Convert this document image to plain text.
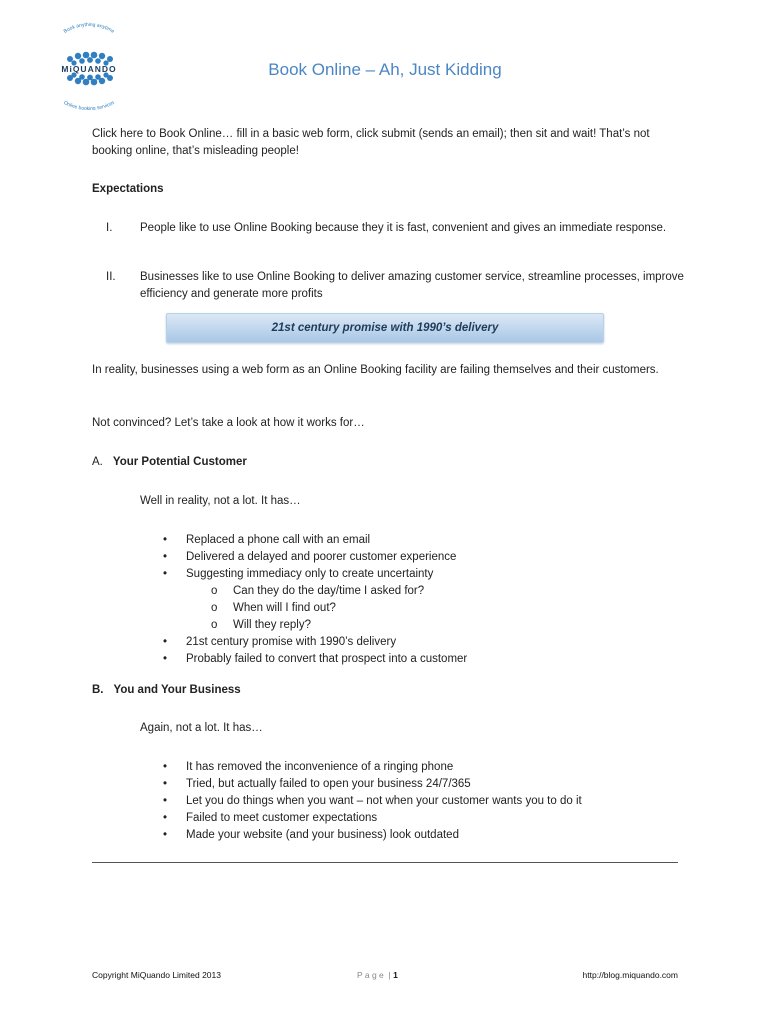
Book anything anytime
Online booking services
MiQUANDO	Book Online – Ah, Just Kidding
Click here to Book Online… fill in a basic web form, click submit (sends an email); then sit and wait! That’s not booking online, that’s misleading people!
Expectations
I. People like to use Online Booking because they it is fast, convenient and gives an immediate response.
II. Businesses like to use Online Booking to deliver amazing customer service, streamline processes, improve efficiency and generate more profits
21st century promise with 1990’s delivery
In reality, businesses using a web form as an Online Booking facility are failing themselves and their customers.
Not convinced? Let’s take a look at how it works for…
A. Your Potential Customer
Well in reality, not a lot. It has…
• Replaced a phone call with an email
• Delivered a delayed and poorer customer experience
• Suggesting immediacy only to create uncertainty
o Can they do the day/time I asked for?
o When will I find out?
o Will they reply?
• 21st century promise with 1990’s delivery
• Probably failed to convert that prospect into a customer
B. You and Your Business
Again, not a lot. It has…
• It has removed the inconvenience of a ringing phone
• Tried, but actually failed to open your business 24/7/365
• Let you do things when you want – not when your customer wants you to do it
• Failed to meet customer expectations
• Made your website (and your business) look outdated
Copyright MiQuando Limited 2013	P a g e  | 1	http://blog.miquando.com
